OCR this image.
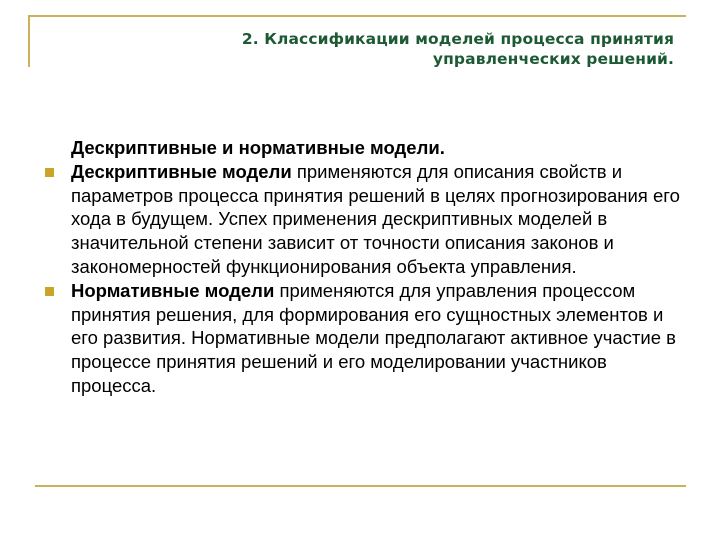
2. Классификации моделей процесса принятия
управленческих решений.
Дескриптивные и нормативные модели.
Дескриптивные модели применяются для описания свойств и параметров процесса принятия решений в целях прогнозирования его хода в будущем. Успех применения дескриптивных моделей в значительной степени зависит от точности описания законов и закономерностей функционирования объекта управления.
Нормативные модели применяются для управления процессом принятия решения, для формирования его сущностных элементов и его развития. Нормативные модели предполагают активное участие в процессе принятия решений и его моделировании участников процесса.
